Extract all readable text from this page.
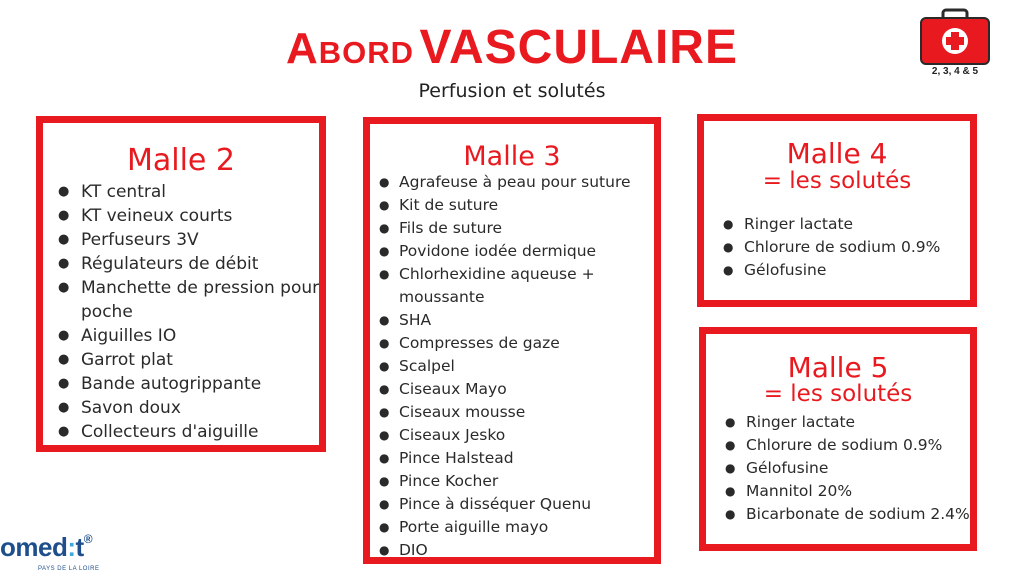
Abord VASCULAIRE
Perfusion et solutés
2, 3, 4 & 5
Malle 2
● KT central
● KT veineux courts
● Perfuseurs 3V
● Régulateurs de débit
● Manchette de pression pour poche
● Aiguilles IO
● Garrot plat
● Bande autogrippante
● Savon doux
● Collecteurs d'aiguille
Malle 3
● Agrafeuse à peau pour suture
● Kit de suture
● Fils de suture
● Povidone iodée dermique
● Chlorhexidine aqueuse + moussante
● SHA
● Compresses de gaze
● Scalpel
● Ciseaux Mayo
● Ciseaux mousse
● Ciseaux Jesko
● Pince Halstead
● Pince Kocher
● Pince à disséquer Quenu
● Porte aiguille mayo
● DIO
Malle 4
= les solutés
● Ringer lactate
● Chlorure de sodium 0.9%
● Gélofusine
Malle 5
= les solutés
● Ringer lactate
● Chlorure de sodium 0.9%
● Gélofusine
● Mannitol 20%
● Bicarbonate de sodium 2.4%
omed:t®
PAYS DE LA LOIRE
